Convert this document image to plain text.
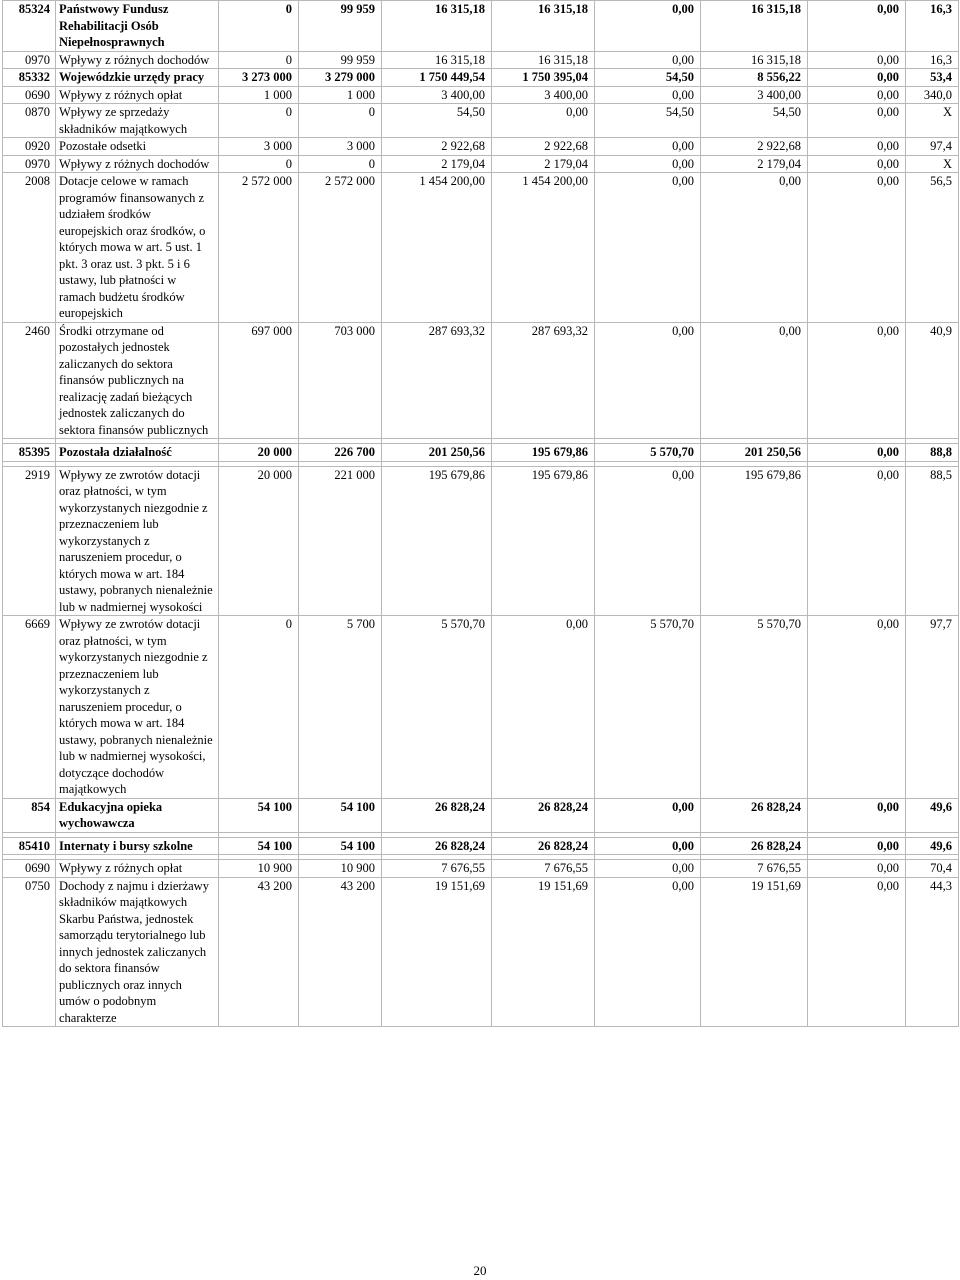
85324	Państwowy Fundusz Rehabilitacji Osób Niepełnosprawnych	0	99 959	16 315,18	16 315,18	0,00	16 315,18	0,00	16,3
0970	Wpływy z różnych dochodów	0	99 959	16 315,18	16 315,18	0,00	16 315,18	0,00	16,3
85332	Wojewódzkie urzędy pracy	3 273 000	3 279 000	1 750 449,54	1 750 395,04	54,50	8 556,22	0,00	53,4
0690	Wpływy z różnych opłat	1 000	1 000	3 400,00	3 400,00	0,00	3 400,00	0,00	340,0
0870	Wpływy ze sprzedaży składników majątkowych	0	0	54,50	0,00	54,50	54,50	0,00	X
0920	Pozostałe odsetki	3 000	3 000	2 922,68	2 922,68	0,00	2 922,68	0,00	97,4
0970	Wpływy z różnych dochodów	0	0	2 179,04	2 179,04	0,00	2 179,04	0,00	X
2008	Dotacje celowe w ramach programów finansowanych z udziałem środków europejskich oraz środków, o których mowa w art. 5 ust. 1 pkt. 3 oraz ust. 3 pkt. 5 i 6 ustawy, lub płatności w ramach budżetu środków europejskich	2 572 000	2 572 000	1 454 200,00	1 454 200,00	0,00	0,00	0,00	56,5
2460	Środki otrzymane od pozostałych jednostek zaliczanych do sektora finansów publicznych na realizację zadań bieżących jednostek zaliczanych do sektora finansów publicznych	697 000	703 000	287 693,32	287 693,32	0,00	0,00	0,00	40,9

85395	Pozostała działalność	20 000	226 700	201 250,56	195 679,86	5 570,70	201 250,56	0,00	88,8

2919	Wpływy ze zwrotów dotacji oraz płatności, w tym wykorzystanych niezgodnie z przeznaczeniem lub wykorzystanych z naruszeniem procedur, o których mowa w art. 184 ustawy, pobranych nienależnie lub w nadmiernej wysokości	20 000	221 000	195 679,86	195 679,86	0,00	195 679,86	0,00	88,5
6669	Wpływy ze zwrotów dotacji oraz płatności, w tym wykorzystanych niezgodnie z przeznaczeniem lub wykorzystanych z naruszeniem procedur, o których mowa w art. 184 ustawy, pobranych nienależnie lub w nadmiernej wysokości, dotyczące dochodów majątkowych	0	5 700	5 570,70	0,00	5 570,70	5 570,70	0,00	97,7
854	Edukacyjna opieka wychowawcza	54 100	54 100	26 828,24	26 828,24	0,00	26 828,24	0,00	49,6

85410	Internaty i bursy szkolne	54 100	54 100	26 828,24	26 828,24	0,00	26 828,24	0,00	49,6

0690	Wpływy z różnych opłat	10 900	10 900	7 676,55	7 676,55	0,00	7 676,55	0,00	70,4
0750	Dochody z najmu i dzierżawy składników majątkowych Skarbu Państwa, jednostek samorządu terytorialnego lub innych jednostek zaliczanych do sektora finansów publicznych oraz innych umów o podobnym charakterze	43 200	43 200	19 151,69	19 151,69	0,00	19 151,69	0,00	44,3
20
